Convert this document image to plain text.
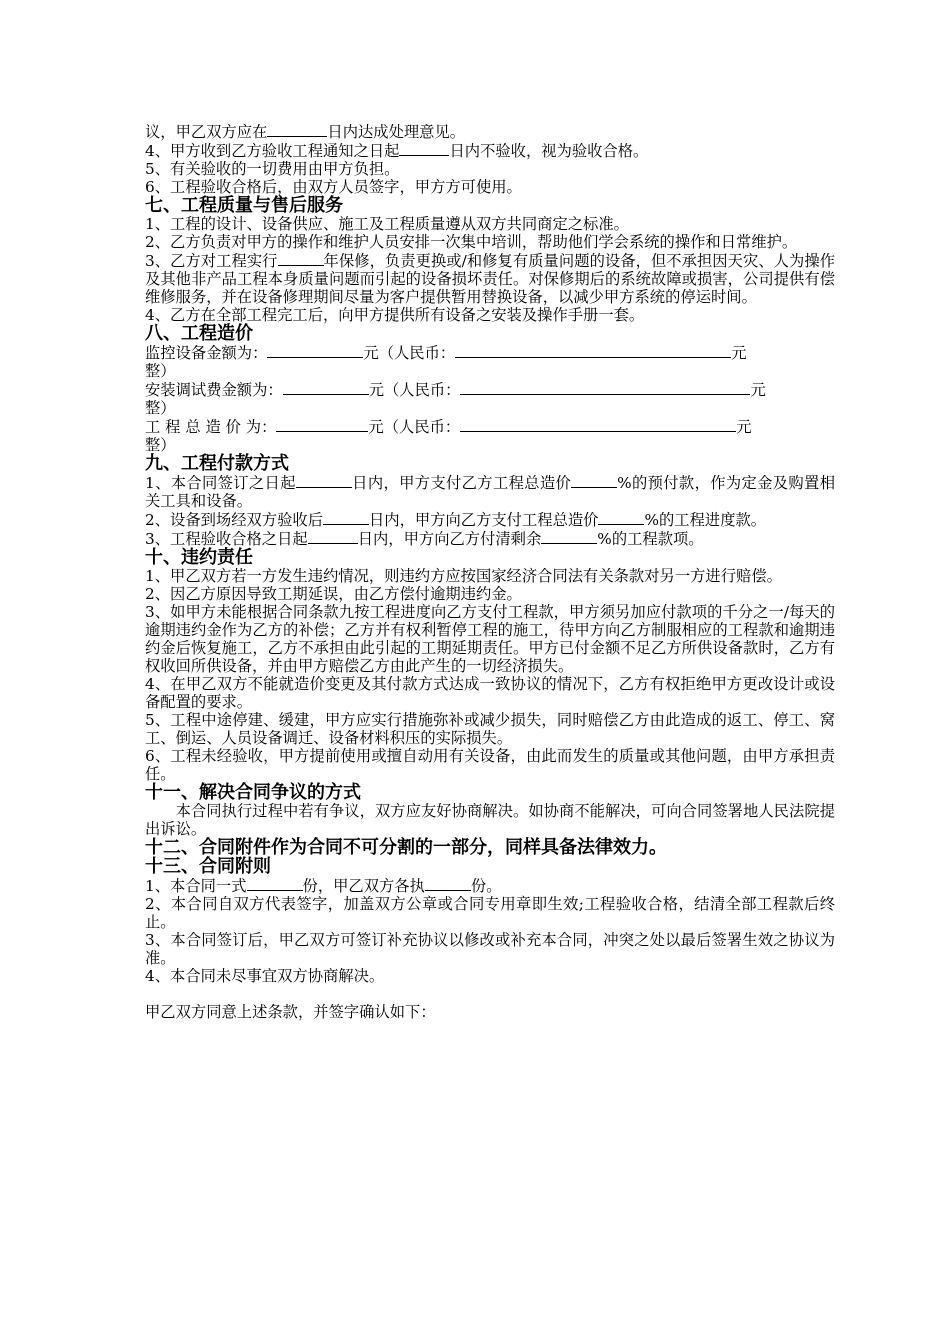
议，甲乙双方应在	日内达成处理意见。

4、甲方收到乙方验收工程通知之日起	日内不验收，视为验收合格。

5、有关验收的一切费用由甲方负担。

6、工程验收合格后，由双方人员签字，甲方方可使用。

七、工程质量与售后服务

1、工程的设计、设备供应、施工及工程质量遵从双方共同商定之标准。

2、乙方负责对甲方的操作和维护人员安排一次集中培训，帮助他们学会系统的操作和日常维护。

3、乙方对工程实行	年保修，负责更换或/和修复有质量问题的设备，但不承担因天灾、人为操作及其他非产品工程本身质量问题而引起的设备损坏责任。对保修期后的系统故障或损害，公司提供有偿维修服务，并在设备修理期间尽量为客户提供暂用替换设备，以减少甲方系统的停运时间。

4、乙方在全部工程完工后，向甲方提供所有设备之安装及操作手册一套。

八、工程造价

监控设备金额为：	元（人民币：	元
整）

安装调试费金额为：	元（人民币：	元
整）

工 程 总 造 价 为：	元（人民币：	元
整）

九、工程付款方式

1、本合同签订之日起	日内，甲方支付乙方工程总造价	%的预付款，作为定金及购置相关工具和设备。

2、设备到场经双方验收后	日内，甲方向乙方支付工程总造价	%的工程进度款。

3、工程验收合格之日起	日内，甲方向乙方付清剩余	%的工程款项。

十、违约责任

1、甲乙双方若一方发生违约情况，则违约方应按国家经济合同法有关条款对另一方进行赔偿。

2、因乙方原因导致工期延误，由乙方偿付逾期违约金。

3、如甲方未能根据合同条款九按工程进度向乙方支付工程款，甲方须另加应付款项的千分之一/每天的逾期违约金作为乙方的补偿；乙方并有权利暂停工程的施工，待甲方向乙方制服相应的工程款和逾期违约金后恢复施工，乙方不承担由此引起的工期延期责任。甲方已付金额不足乙方所供设备款时，乙方有权收回所供设备，并由甲方赔偿乙方由此产生的一切经济损失。

4、在甲乙双方不能就造价变更及其付款方式达成一致协议的情况下，乙方有权拒绝甲方更改设计或设备配置的要求。

5、工程中途停建、缓建，甲方应实行措施弥补或减少损失，同时赔偿乙方由此造成的返工、停工、窝工、倒运、人员设备调迁、设备材料积压的实际损失。

6、工程未经验收，甲方提前使用或擅自动用有关设备，由此而发生的质量或其他问题，由甲方承担责任。

十一、解决合同争议的方式

本合同执行过程中若有争议，双方应友好协商解决。如协商不能解决，可向合同签署地人民法院提出诉讼。

十二、合同附件作为合同不可分割的一部分，同样具备法律效力。
十三、合同附则

1、本合同一式	份，甲乙双方各执	份。

2、本合同自双方代表签字，加盖双方公章或合同专用章即生效;工程验收合格，结清全部工程款后终止。

3、本合同签订后，甲乙双方可签订补充协议以修改或补充本合同，冲突之处以最后签署生效之协议为准。

4、本合同未尽事宜双方协商解决。

甲乙双方同意上述条款，并签字确认如下：
